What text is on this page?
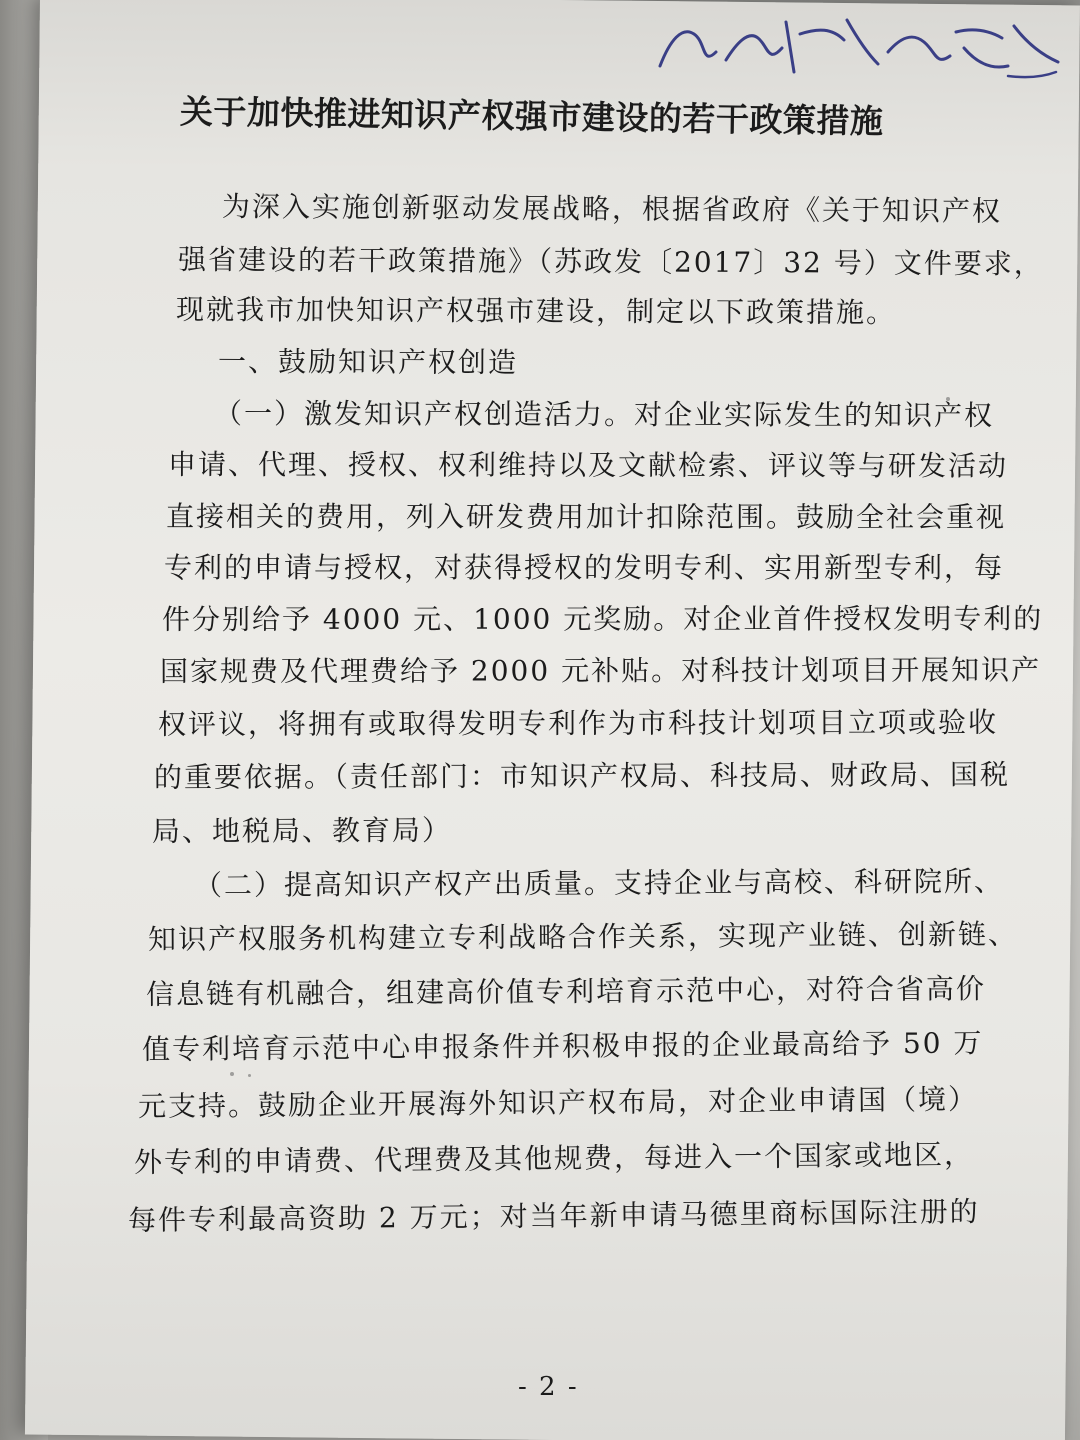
关于加快推进知识产权强市建设的若干政策措施
为深入实施创新驱动发展战略，根据省政府《关于知识产权
强省建设的若干政策措施》（苏政发〔2017〕32 号）文件要求，
现就我市加快知识产权强市建设，制定以下政策措施。
一、鼓励知识产权创造
（一）激发知识产权创造活力。对企业实际发生的知识产权
申请、代理、授权、权利维持以及文献检索、评议等与研发活动
直接相关的费用，列入研发费用加计扣除范围。鼓励全社会重视
专利的申请与授权，对获得授权的发明专利、实用新型专利，每
件分别给予 4000 元、1000 元奖励。对企业首件授权发明专利的
国家规费及代理费给予 2000 元补贴。对科技计划项目开展知识产
权评议，将拥有或取得发明专利作为市科技计划项目立项或验收
的重要依据。（责任部门：市知识产权局、科技局、财政局、国税
局、地税局、教育局）
（二）提高知识产权产出质量。支持企业与高校、科研院所、
知识产权服务机构建立专利战略合作关系，实现产业链、创新链、
信息链有机融合，组建高价值专利培育示范中心，对符合省高价
值专利培育示范中心申报条件并积极申报的企业最高给予 50 万
元支持。鼓励企业开展海外知识产权布局，对企业申请国（境）
外专利的申请费、代理费及其他规费，每进入一个国家或地区，
每件专利最高资助 2 万元；对当年新申请马德里商标国际注册的
- 2 -
